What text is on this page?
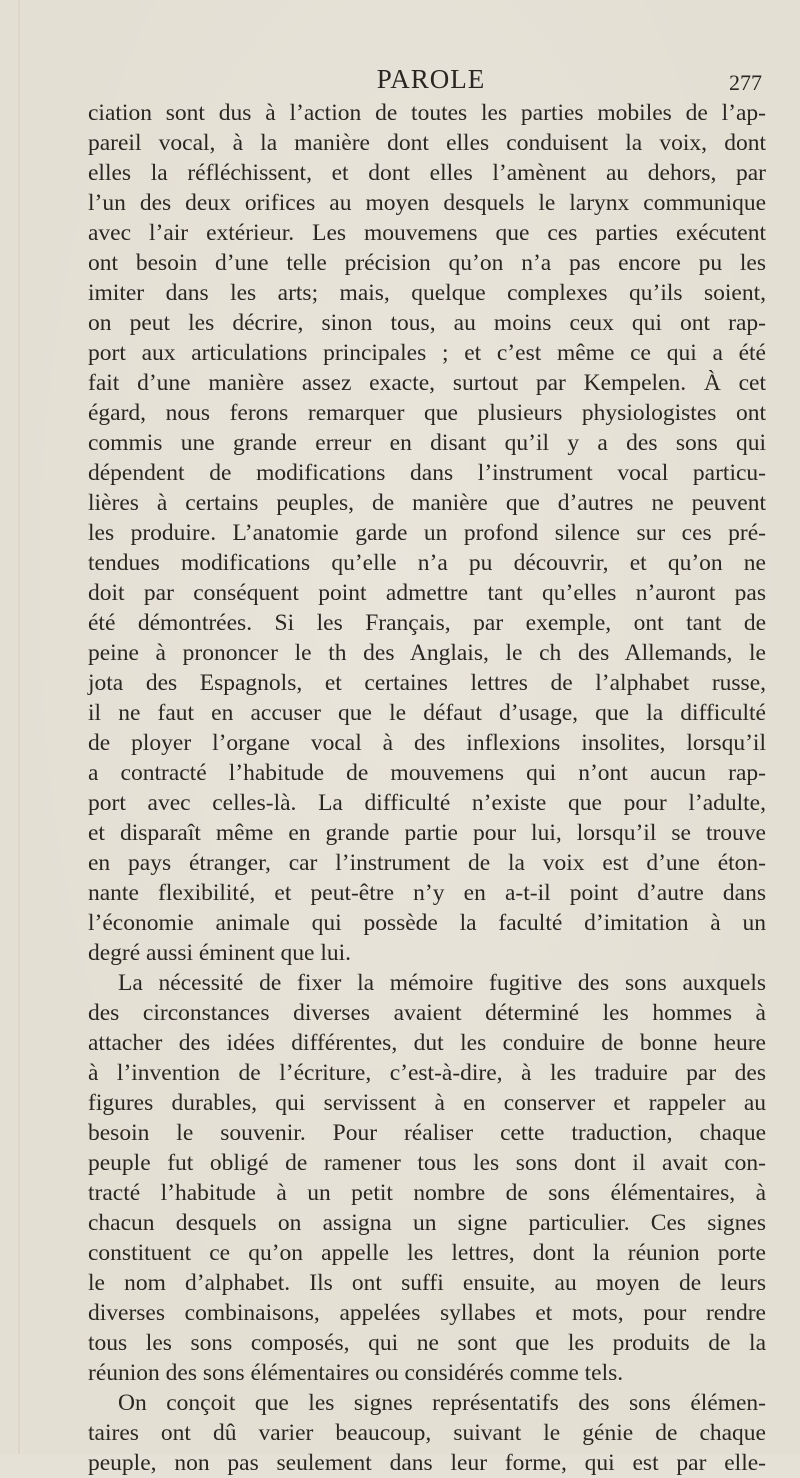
PAROLE	277
ciation sont dus à l’action de toutes les parties mobiles de l’ap-
pareil vocal, à la manière dont elles conduisent la voix, dont
elles la réfléchissent, et dont elles l’amènent au dehors, par
l’un des deux orifices au moyen desquels le larynx communique
avec l’air extérieur. Les mouvemens que ces parties exécutent
ont besoin d’une telle précision qu’on n’a pas encore pu les
imiter dans les arts; mais, quelque complexes qu’ils soient,
on peut les décrire, sinon tous, au moins ceux qui ont rap-
port aux articulations principales ; et c’est même ce qui a été
fait d’une manière assez exacte, surtout par Kempelen. À cet
égard, nous ferons remarquer que plusieurs physiologistes ont
commis une grande erreur en disant qu’il y a des sons qui
dépendent de modifications dans l’instrument vocal particu-
lières à certains peuples, de manière que d’autres ne peuvent
les produire. L’anatomie garde un profond silence sur ces pré-
tendues modifications qu’elle n’a pu découvrir, et qu’on ne
doit par conséquent point admettre tant qu’elles n’auront pas
été démontrées. Si les Français, par exemple, ont tant de
peine à prononcer le th des Anglais, le ch des Allemands, le
jota des Espagnols, et certaines lettres de l’alphabet russe,
il ne faut en accuser que le défaut d’usage, que la difficulté
de ployer l’organe vocal à des inflexions insolites, lorsqu’il
a contracté l’habitude de mouvemens qui n’ont aucun rap-
port avec celles-là. La difficulté n’existe que pour l’adulte,
et disparaît même en grande partie pour lui, lorsqu’il se trouve
en pays étranger, car l’instrument de la voix est d’une éton-
nante flexibilité, et peut-être n’y en a-t-il point d’autre dans
l’économie animale qui possède la faculté d’imitation à un
degré aussi éminent que lui.
La nécessité de fixer la mémoire fugitive des sons auxquels
des circonstances diverses avaient déterminé les hommes à
attacher des idées différentes, dut les conduire de bonne heure
à l’invention de l’écriture, c’est-à-dire, à les traduire par des
figures durables, qui servissent à en conserver et rappeler au
besoin le souvenir. Pour réaliser cette traduction, chaque
peuple fut obligé de ramener tous les sons dont il avait con-
tracté l’habitude à un petit nombre de sons élémentaires, à
chacun desquels on assigna un signe particulier. Ces signes
constituent ce qu’on appelle les lettres, dont la réunion porte
le nom d’alphabet. Ils ont suffi ensuite, au moyen de leurs
diverses combinaisons, appelées syllabes et mots, pour rendre
tous les sons composés, qui ne sont que les produits de la
réunion des sons élémentaires ou considérés comme tels.
On conçoit que les signes représentatifs des sons élémen-
taires ont dû varier beaucoup, suivant le génie de chaque
peuple, non pas seulement dans leur forme, qui est par elle-
